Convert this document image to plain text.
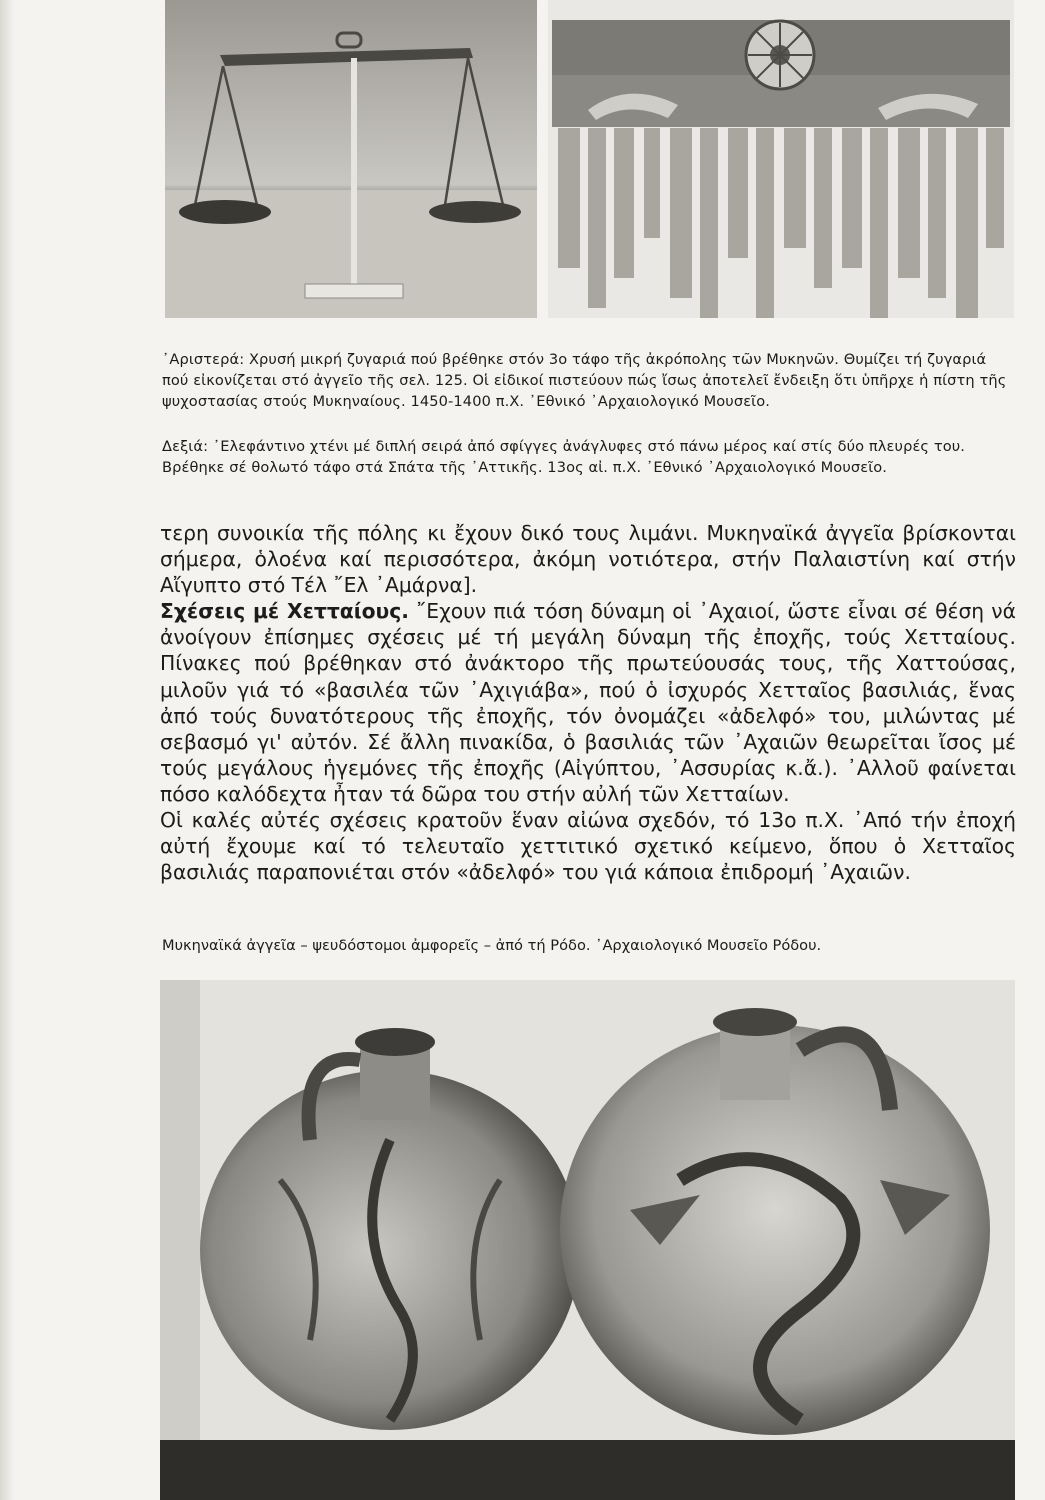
᾿Αριστερά: Χρυσή μικρή ζυγαριά πού βρέθηκε στόν 3ο τάφο τῆς ἀκρόπολης τῶν Μυκηνῶν. Θυμίζει τή ζυγαριά πού εἰκονίζεται στό ἀγγεῖο τῆς σελ. 125. Οἱ εἰδικοί πιστεύουν πώς ἴσως ἀποτελεῖ ἔνδειξη ὅτι ὑπῆρχε ἡ πίστη τῆς ψυχοστασίας στούς Μυκηναίους. 1450-1400 π.Χ. ᾿Εθνικό ᾿Αρχαιολογικό Μουσεῖο.
Δεξιά: ᾿Ελεφάντινο χτένι μέ διπλή σειρά ἀπό σφίγγες ἀνάγλυφες στό πάνω μέρος καί στίς δύο πλευρές του. Βρέθηκε σέ θολωτό τάφο στά Σπάτα τῆς ᾿Αττικῆς. 13ος αἰ. π.Χ. ᾿Εθνικό ᾿Αρχαιολογικό Μουσεῖο.

τερη συνοικία τῆς πόλης κι ἔχουν δικό τους λιμάνι. Μυκηναϊκά ἀγγεῖα βρίσκονται σήμερα, ὁλοένα καί περισσότερα, ἀκόμη νοτιότερα, στήν Παλαιστίνη καί στήν Αἴγυπτο στό Τέλ ῎Ελ ᾿Αμάρνα].

Σχέσεις μέ Χετταίους. ῎Εχουν πιά τόση δύναμη οἱ ᾿Αχαιοί, ὥστε εἶναι σέ θέση νά ἀνοίγουν ἐπίσημες σχέσεις μέ τή μεγάλη δύναμη τῆς ἐποχῆς, τούς Χετταίους. Πίνακες πού βρέθηκαν στό ἀνάκτορο τῆς πρωτεύουσάς τους, τῆς Χαττούσας, μιλοῦν γιά τό «βασιλέα τῶν ᾿Αχιγιάβα», πού ὁ ἰσχυρός Χετταῖος βασιλιάς, ἕνας ἀπό τούς δυνατότερους τῆς ἐποχῆς, τόν ὀνομάζει «ἀδελφό» του, μιλώντας μέ σεβασμό γι' αὐτόν. Σέ ἄλλη πινακίδα, ὁ βασιλιάς τῶν ᾿Αχαιῶν θεωρεῖται ἴσος μέ τούς μεγάλους ἡγεμόνες τῆς ἐποχῆς (Αἰγύπτου, ᾿Ασσυρίας κ.ἄ.). ᾿Αλλοῦ φαίνεται πόσο καλόδεχτα ἦταν τά δῶρα του στήν αὐλή τῶν Χετταίων.

Οἱ καλές αὐτές σχέσεις κρατοῦν ἕναν αἰώνα σχεδόν, τό 13ο π.Χ. ᾿Από τήν ἐποχή αὐτή ἔχουμε καί τό τελευταῖο χεττιτικό σχετικό κείμενο, ὅπου ὁ Χετταῖος βασιλιάς παραπονιέται στόν «ἀδελφό» του γιά κάποια ἐπιδρομή ᾿Αχαιῶν.

Μυκηναϊκά ἀγγεῖα – ψευδόστομοι ἀμφορεῖς – ἀπό τή Ρόδο. ᾿Αρχαιολογικό Μουσεῖο Ρόδου.
